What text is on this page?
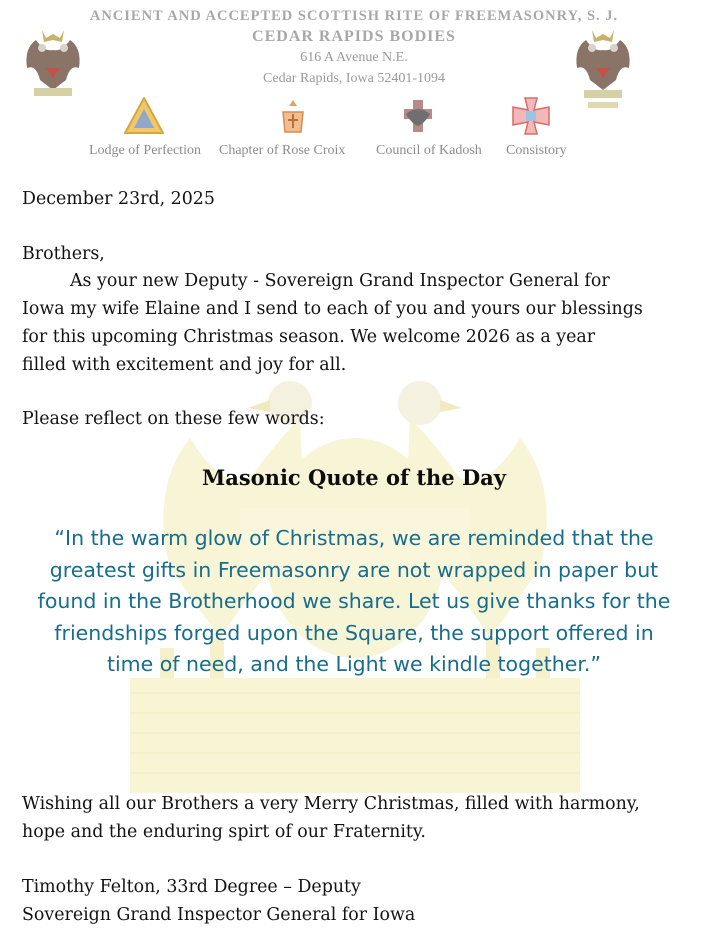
ANCIENT AND ACCEPTED SCOTTISH RITE OF FREEMASONRY, S. J.
CEDAR RAPIDS BODIES
616 A Avenue N.E.
Cedar Rapids, Iowa 52401-1094
Lodge of Perfection Chapter of Rose Croix Council of Kadosh Consistory
December 23rd, 2025
Brothers,
As your new Deputy - Sovereign Grand Inspector General for
Iowa my wife Elaine and I send to each of you and yours our blessings
for this upcoming Christmas season. We welcome 2026 as a year
filled with excitement and joy for all.
Please reflect on these few words:
Masonic Quote of the Day
“In the warm glow of Christmas, we are reminded that the
greatest gifts in Freemasonry are not wrapped in paper but
found in the Brotherhood we share. Let us give thanks for the
friendships forged upon the Square, the support offered in
time of need, and the Light we kindle together.”
Wishing all our Brothers a very Merry Christmas, filled with harmony,
hope and the enduring spirt of our Fraternity.
Timothy Felton, 33rd Degree – Deputy
Sovereign Grand Inspector General for Iowa
